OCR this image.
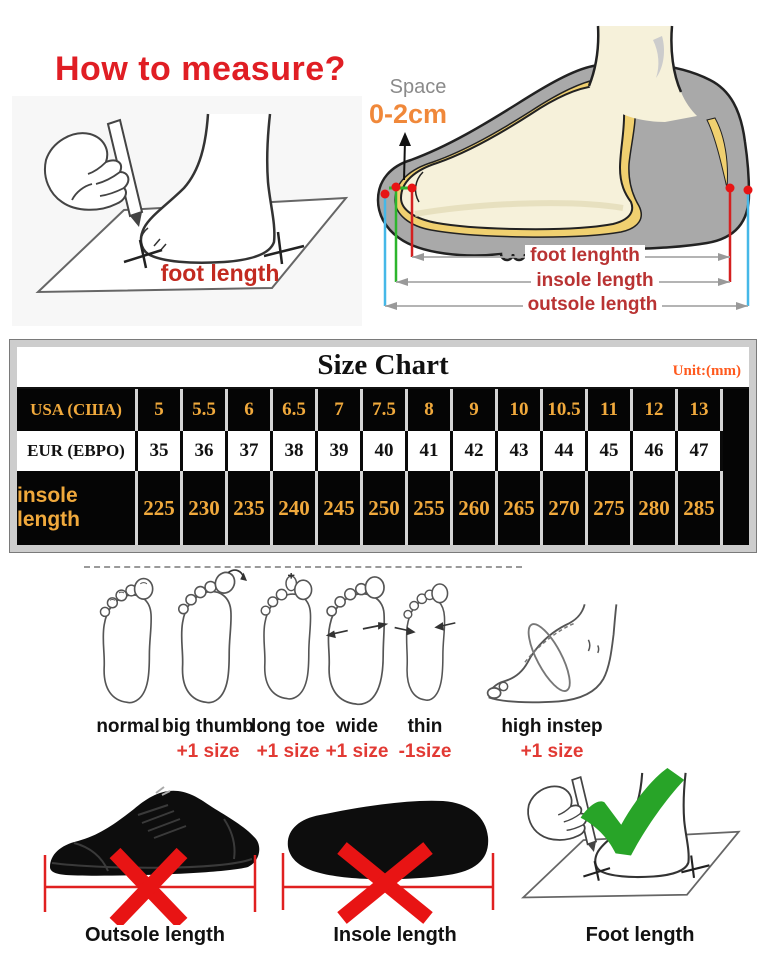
How to measure?
foot length
Space
0-2cm
foot lenghth
insole length
outsole length
Size Chart	Unit:(mm)
USA (США)	5	5.5	6	6.5	7	7.5	8	9	10 10.5	11	12	13
EUR (ЕВРО)	35	36	37	38	39	40	41	42	43	44	45	46	47
insole length	225 230 235 240 245 250 255 260 265 270 275 280 285
normal big thumb
+1 size
long toe
+1 size
wide
+1 size
thin
-1size
high instep
+1 size
Outsole length	Insole length	Foot length
